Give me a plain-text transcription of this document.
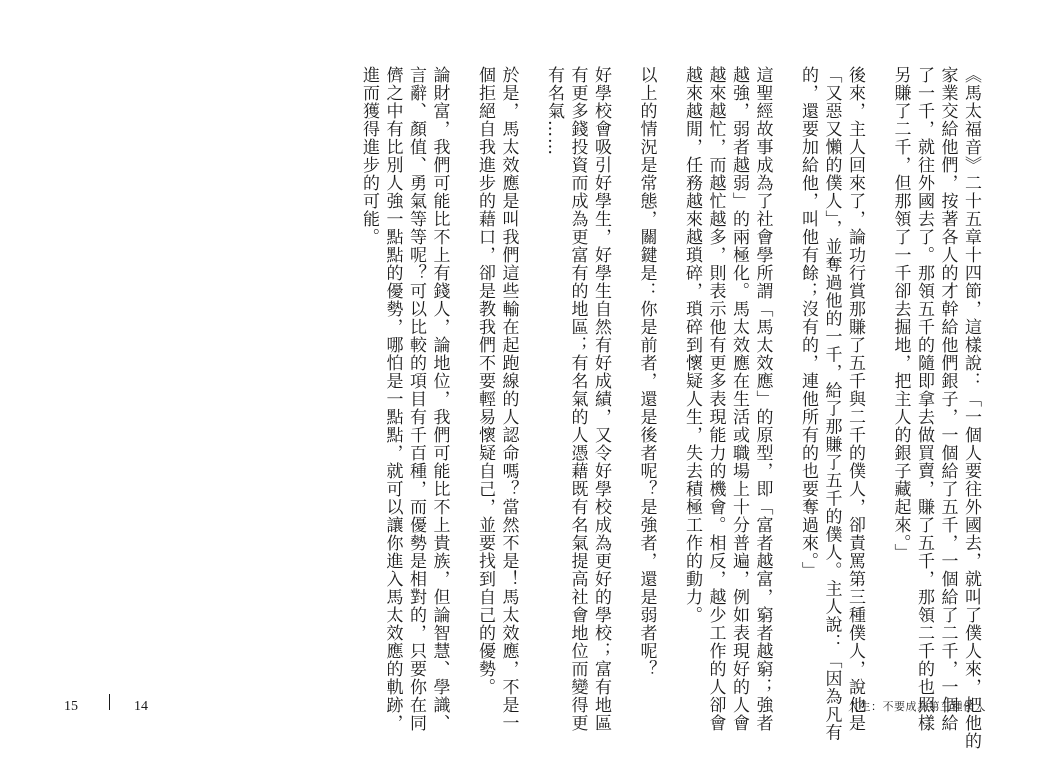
《馬太福音》二十五章十四節，這樣說：「一個人要往外國去，就叫了僕人來，把他的
家業交給他們，按著各人的才幹給他們銀子，一個給了五千，一個給了二千，一個給
了一千，就往外國去了。那領五千的隨即拿去做買賣，賺了五千，那領二千的也照樣
另賺了二千，但那領了一千卻去掘地，把主人的銀子藏起來。」

後來，主人回來了，論功行賞那賺了五千與二千的僕人，卻責罵第三種僕人，說他是
「又惡又懶的僕人」，並奪過他的一千，給了那賺了五千的僕人。主人說：「因為凡有
的，還要加給他，叫他有餘；沒有的，連他所有的也要奪過來。」

這聖經故事成為了社會學所謂「馬太效應」的原型，即「富者越富，窮者越窮；強者
越強，弱者越弱」的兩極化。馬太效應在生活或職場上十分普遍，例如表現好的人會
越來越忙，而越忙越多，則表示他有更多表現能力的機會。相反，越少工作的人卻會
越來越閒，任務越來越瑣碎，瑣碎到懷疑人生，失去積極工作的動力。

以上的情況是常態，關鍵是：你是前者，還是後者呢？是強者，還是弱者呢？

好學校會吸引好學生，好學生自然有好成績，又令好學校成為更好的學校；富有地區
有更多錢投資而成為更富有的地區；有名氣的人憑藉既有名氣提高社會地位而變得更
有名氣……

於是，馬太效應是叫我們這些輸在起跑線的人認命嗎？當然不是！馬太效應，不是一
個拒絕自我進步的藉口，卻是教我們不要輕易懷疑自己，並要找到自己的優勢。

論財富，我們可能比不上有錢人，論地位，我們可能比不上貴族，但論智慧、學識、
言辭、顏值、勇氣等等呢？可以比較的項目有千百種，而優勢是相對的，只要你在同
儕之中有比別人強一點點的優勢，哪怕是一點點，就可以讓你進入馬太效應的軌跡，
進而獲得進步的可能。

15	14	人生：不要成為第三種僕人
